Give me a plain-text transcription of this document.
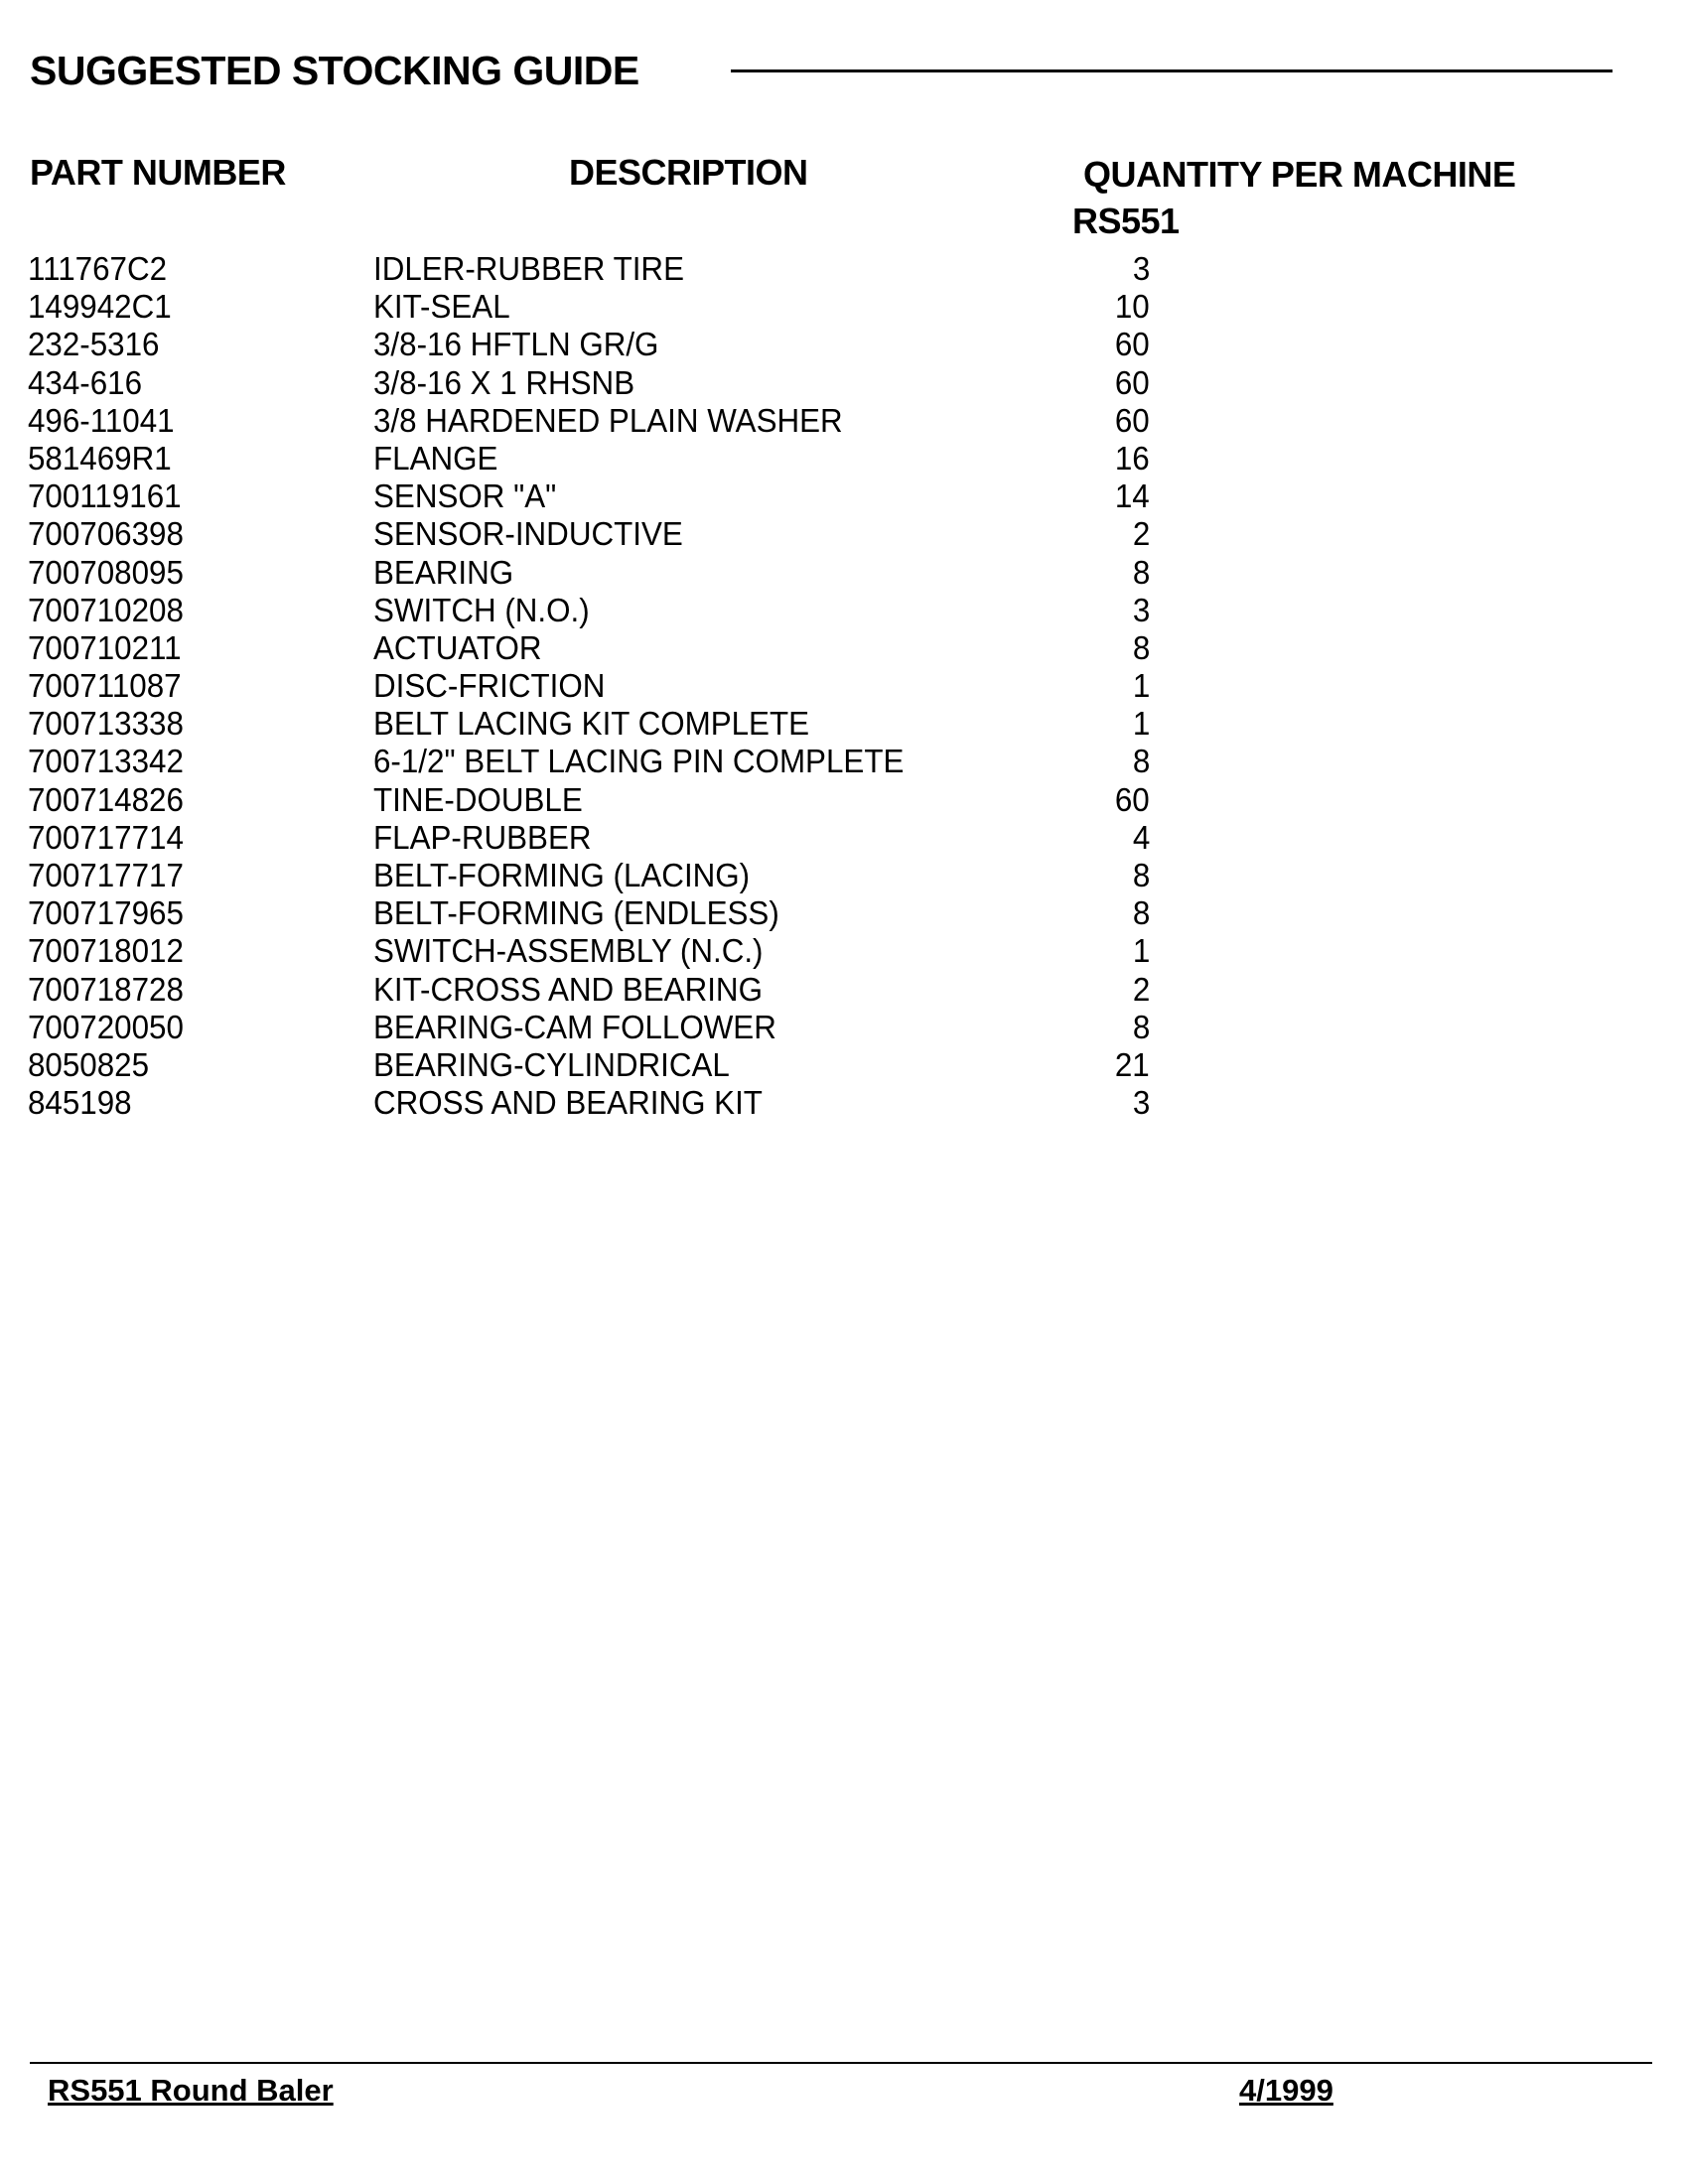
SUGGESTED STOCKING GUIDE
PART NUMBER	DESCRIPTION	QUANTITY PER MACHINE
RS551
111767C2	IDLER-RUBBER TIRE	3
149942C1	KIT-SEAL	10
232-5316	3/8-16 HFTLN GR/G	60
434-616	3/8-16 X 1 RHSNB	60
496-11041	3/8 HARDENED PLAIN WASHER	60
581469R1	FLANGE	16
700119161	SENSOR "A"	14
700706398	SENSOR-INDUCTIVE	2
700708095	BEARING	8
700710208	SWITCH (N.O.)	3
700710211	ACTUATOR	8
700711087	DISC-FRICTION	1
700713338	BELT LACING KIT COMPLETE	1
700713342	6-1/2" BELT LACING PIN COMPLETE	8
700714826	TINE-DOUBLE	60
700717714	FLAP-RUBBER	4
700717717	BELT-FORMING (LACING)	8
700717965	BELT-FORMING (ENDLESS)	8
700718012	SWITCH-ASSEMBLY (N.C.)	1
700718728	KIT-CROSS AND BEARING	2
700720050	BEARING-CAM FOLLOWER	8
8050825	BEARING-CYLINDRICAL	21
845198	CROSS AND BEARING KIT	3
RS551 Round Baler	4/1999
